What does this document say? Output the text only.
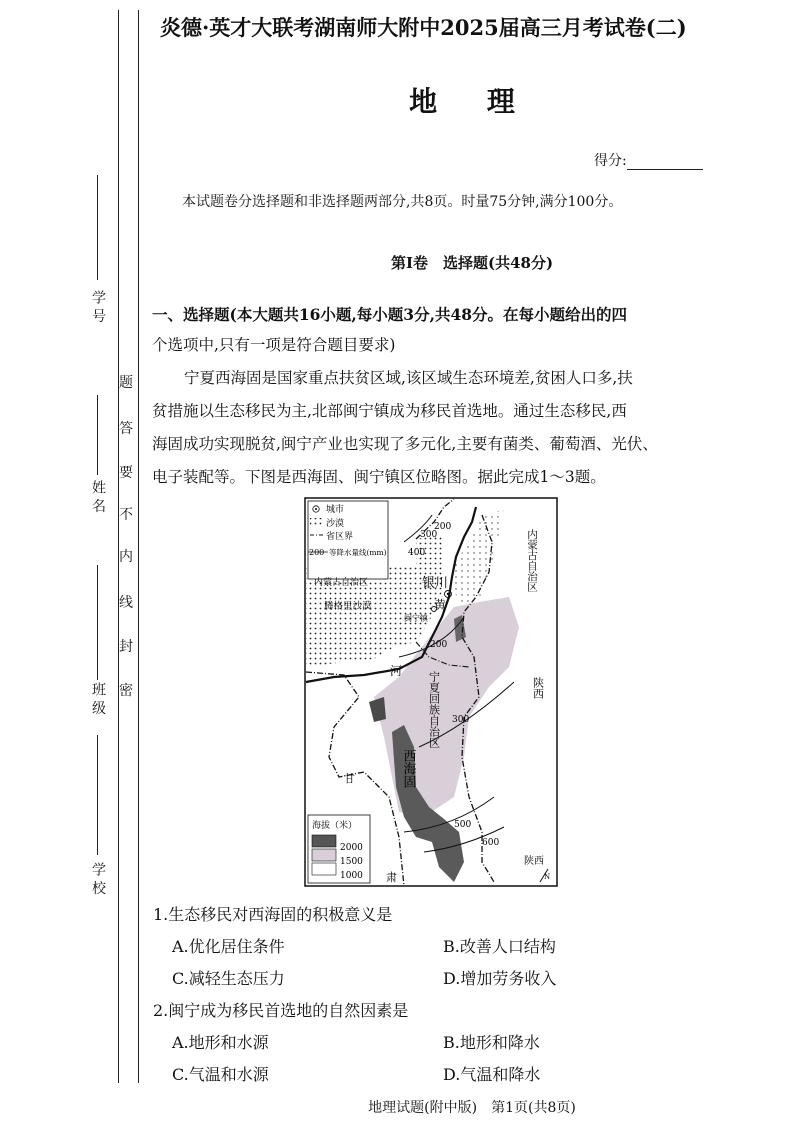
学 号
姓 名
班 级
学 校
题
答
要
不
内
线
封
密
炎德·英才大联考湖南师大附中2025届高三月考试卷(二)
地 理
得分:
本试题卷分选择题和非选择题两部分,共8页。时量75分钟,满分100分。
第Ⅰ卷　选择题(共48分)
一、选择题(本大题共16小题,每小题3分,共48分。在每小题给出的四
个选项中,只有一项是符合题目要求)
宁夏西海固是国家重点扶贫区域,该区域生态环境差,贫困人口多,扶
贫措施以生态移民为主,北部闽宁镇成为移民首选地。通过生态移民,西
海固成功实现脱贫,闽宁产业也实现了多元化,主要有菌类、葡萄酒、光伏、
电子装配等。下图是西海固、闽宁镇区位略图。据此完成1～3题。
城市
沙漠
省区界
200 等降水量线(mm)
海拔（米）
2000
1500
1000
内蒙古自治区
腾格里沙漠
闽宁镇
银川
黄
河
内蒙古自治区
宁夏回族自治区
西海固
陕西
陕西
甘
肃
300
400
200
200
300
500
600
N
1.生态移民对西海固的积极意义是
A.优化居住条件	B.改善人口结构
C.减轻生态压力	D.增加劳务收入
2.闽宁成为移民首选地的自然因素是
A.地形和水源	B.地形和降水
C.气温和水源	D.气温和降水
地理试题(附中版)　第1页(共8页)
